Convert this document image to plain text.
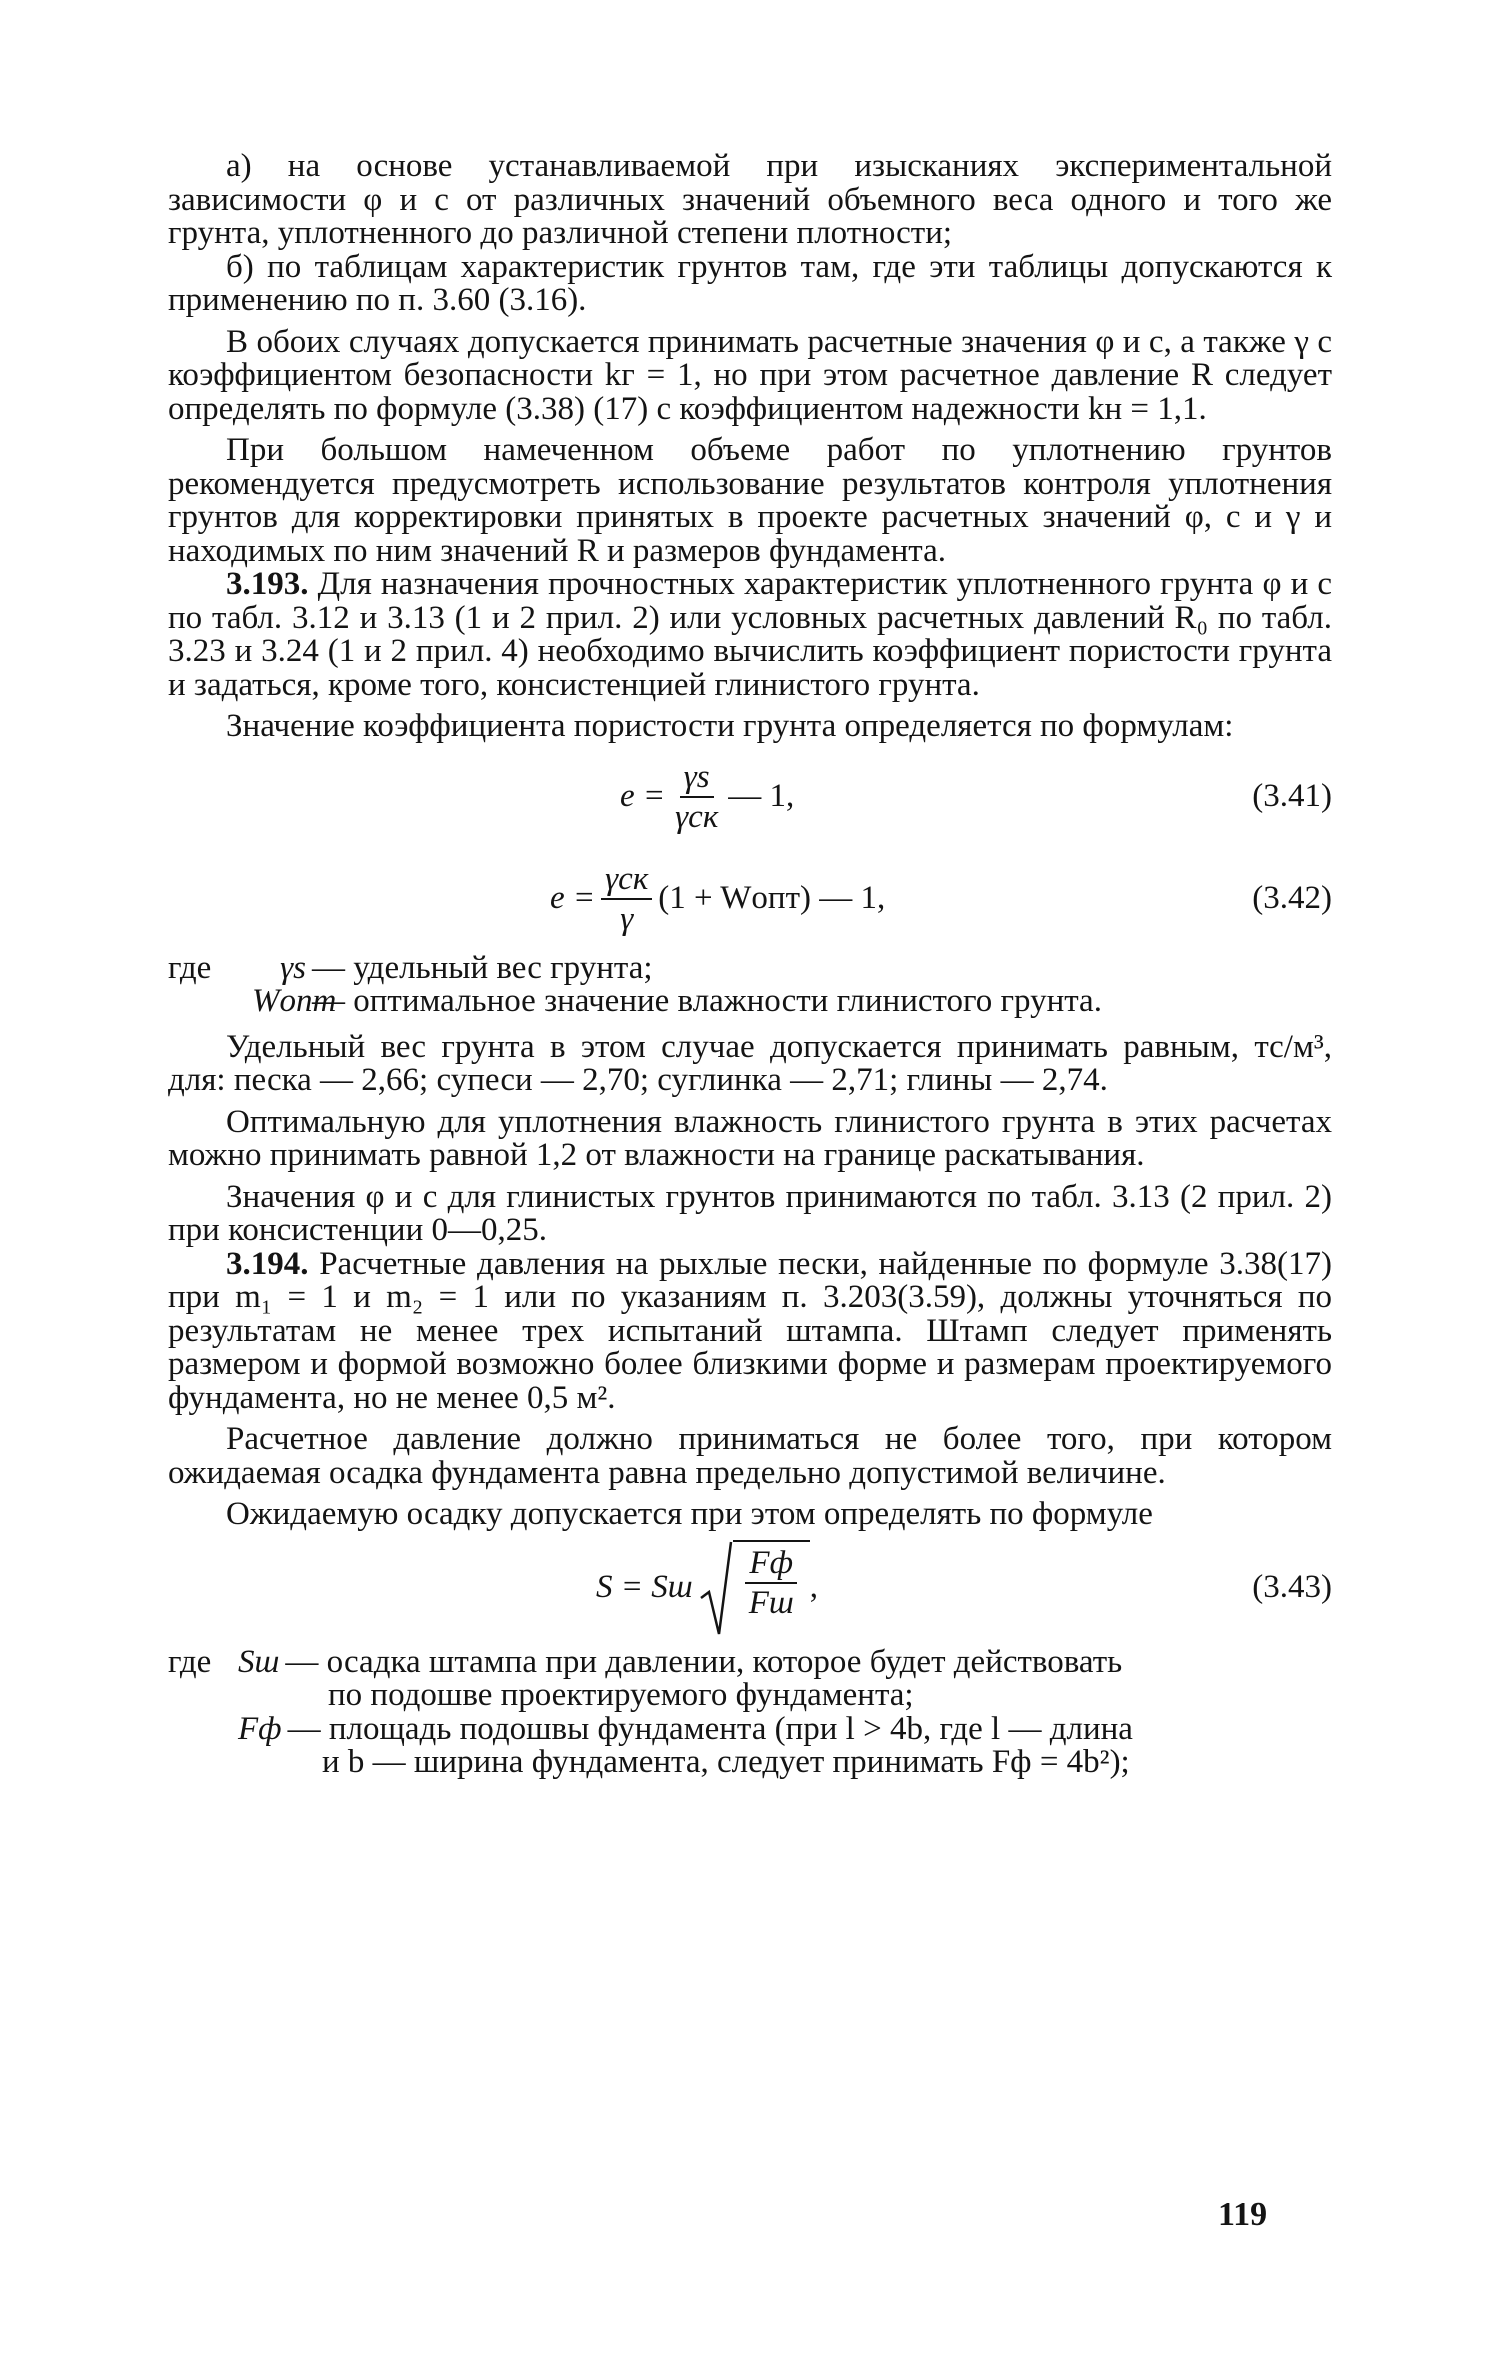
а) на основе устанавливаемой при изысканиях экспериментальной зависимости φ и c от различных значений объемного веса одного и того же грунта, уплотненного до различной степени плотности;

б) по таблицам характеристик грунтов там, где эти таблицы допускаются к применению по п. 3.60 (3.16).

В обоих случаях допускается принимать расчетные значения φ и c, а также γ с коэффициентом безопасности kг = 1, но при этом расчетное давление R следует определять по формуле (3.38) (17) с коэффициентом надежности kн = 1,1.

При большом намеченном объеме работ по уплотнению грунтов рекомендуется предусмотреть использование результатов контроля уплотнения грунтов для корректировки принятых в проекте расчетных значений φ, c и γ и находимых по ним значений R и размеров фундамента.

3.193. Для назначения прочностных характеристик уплотненного грунта φ и c по табл. 3.12 и 3.13 (1 и 2 прил. 2) или условных расчетных давлений R₀ по табл. 3.23 и 3.24 (1 и 2 прил. 4) необходимо вычислить коэффициент пористости грунта и задаться, кроме того, консистенцией глинистого грунта.

Значение коэффициента пористости грунта определяется по формулам:

$e = \frac{\gamma s}{\text{γск}}$ — 1,	(3.41)
$e = \frac{\text{γск}}{\gamma} (1$ + Wопт) — 1,	(3.42)

где γs — удельный вес грунта;

Wопт— оптимальное значение влажности глинистого грунта.

Удельный вес грунта в этом случае допускается принимать равным, тс/м³, для: песка — 2,66; супеси — 2,70; суглинка — 2,71; глины — 2,74.

Оптимальную для уплотнения влажность глинистого грунта в этих расчетах можно принимать равной 1,2 от влажности на границе раскатывания.

Значения φ и c для глинистых грунтов принимаются по табл. 3.13 (2 прил. 2) при консистенции 0—0,25.

3.194. Расчетные давления на рыхлые пески, найденные по формуле 3.38(17) при m₁ = 1 и m₂ = 1 или по указаниям п. 3.203(3.59), должны уточняться по результатам не менее трех испытаний штампа. Штамп следует применять размером и формой возможно более близкими форме и размерам проектируемого фундамента, но не менее 0,5 м².

Расчетное давление должно приниматься не более того, при котором ожидаемая осадка фундамента равна предельно допустимой величине.

Ожидаемую осадку допускается при этом определять по формуле

S = Sш $\frac{Fф}{Fш}$ ,	(3.43)

где Sш — осадка штампа при давлении, которое будет действовать

по подошве проектируемого фундамента;

Fф — площадь подошвы фундамента (при l > 4b, где l — длина

и b — ширина фундамента, следует принимать Fф = 4b²);

119
